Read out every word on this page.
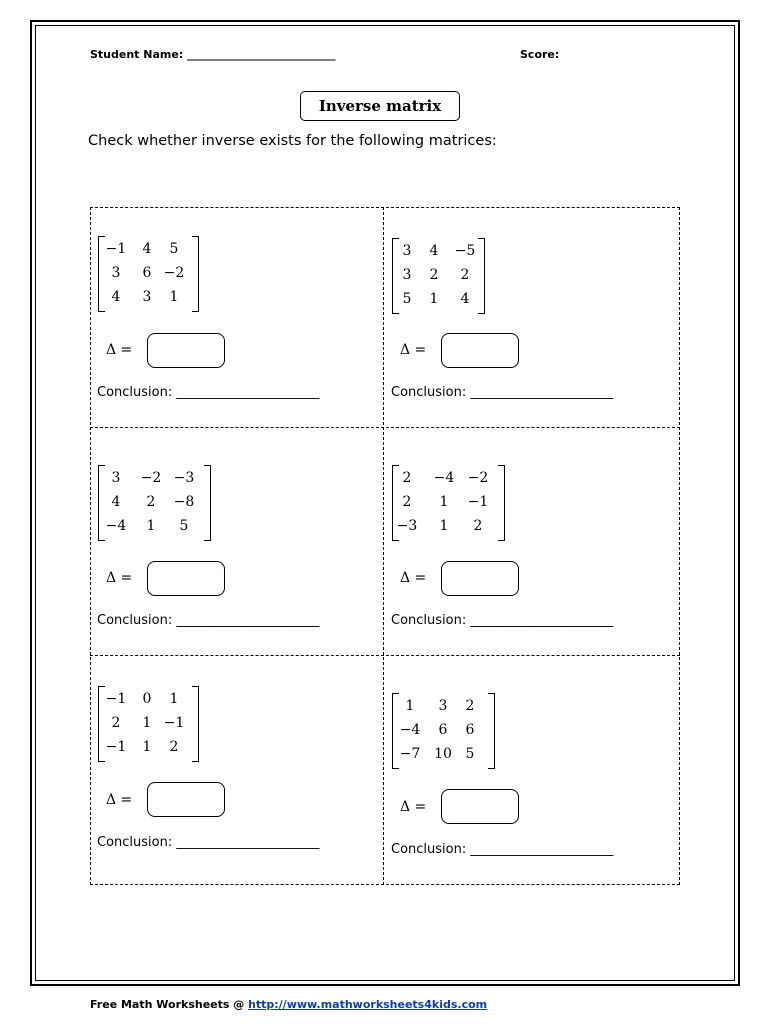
Student Name: ___________________________	Score:
Inverse matrix
Check whether inverse exists for the following matrices:
−1	4	5
3	6 −2
4	3	1
Δ =
Conclusion: ______________________
3	4	−5
3	2	2
5	1	4
Δ =
Conclusion: ______________________
3	−2 −3
4	2	−8
−4	1	5
Δ =
Conclusion: ______________________
2	−4 −2
2	1	−1
−3	1	2
Δ =
Conclusion: ______________________
−1	0	1
2	1 −1
−1	1	2
Δ =
Conclusion: ______________________
1	3	2
−4	6	6
−7 10 5
Δ =
Conclusion: ______________________
Free Math Worksheets @ http://www.mathworksheets4kids.com
